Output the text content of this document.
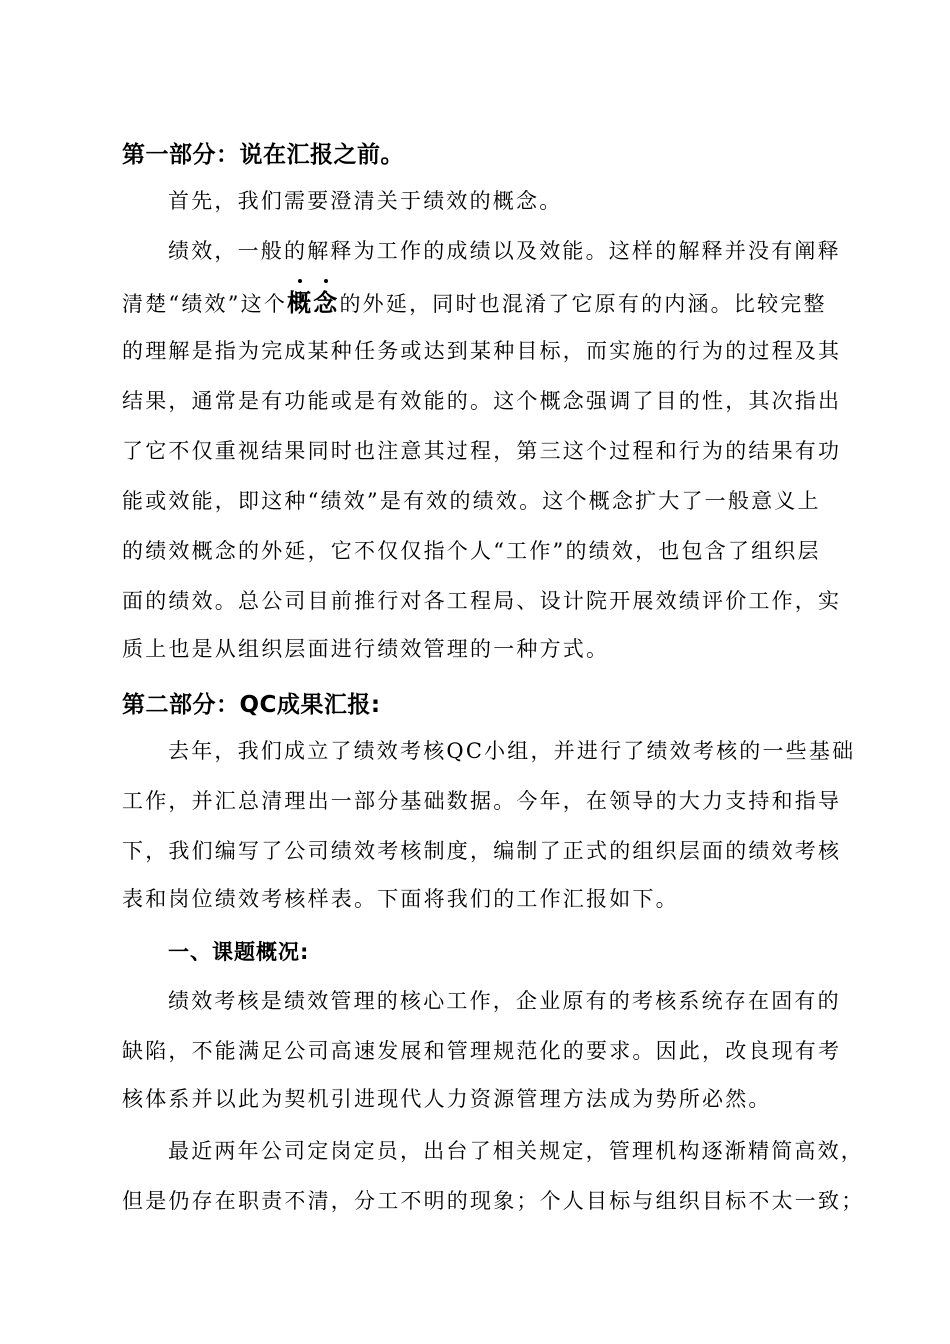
第一部分：说在汇报之前。
首先，我们需要澄清关于绩效的概念。
绩效，一般的解释为工作的成绩以及效能。这样的解释并没有阐释
清楚“绩效”这个概念的外延，同时也混淆了它原有的内涵。比较完整
的理解是指为完成某种任务或达到某种目标，而实施的行为的过程及其
结果，通常是有功能或是有效能的。这个概念强调了目的性，其次指出
了它不仅重视结果同时也注意其过程，第三这个过程和行为的结果有功
能或效能，即这种“绩效”是有效的绩效。这个概念扩大了一般意义上
的绩效概念的外延，它不仅仅指个人“工作”的绩效，也包含了组织层
面的绩效。总公司目前推行对各工程局、设计院开展效绩评价工作，实
质上也是从组织层面进行绩效管理的一种方式。
第二部分：QC成果汇报:
去年，我们成立了绩效考核QC小组，并进行了绩效考核的一些基础
工作，并汇总清理出一部分基础数据。今年，在领导的大力支持和指导
下，我们编写了公司绩效考核制度，编制了正式的组织层面的绩效考核
表和岗位绩效考核样表。下面将我们的工作汇报如下。
一、课题概况:
绩效考核是绩效管理的核心工作，企业原有的考核系统存在固有的
缺陷，不能满足公司高速发展和管理规范化的要求。因此，改良现有考
核体系并以此为契机引进现代人力资源管理方法成为势所必然。
最近两年公司定岗定员，出台了相关规定，管理机构逐渐精简高效，
但是仍存在职责不清，分工不明的现象；个人目标与组织目标不太一致；
